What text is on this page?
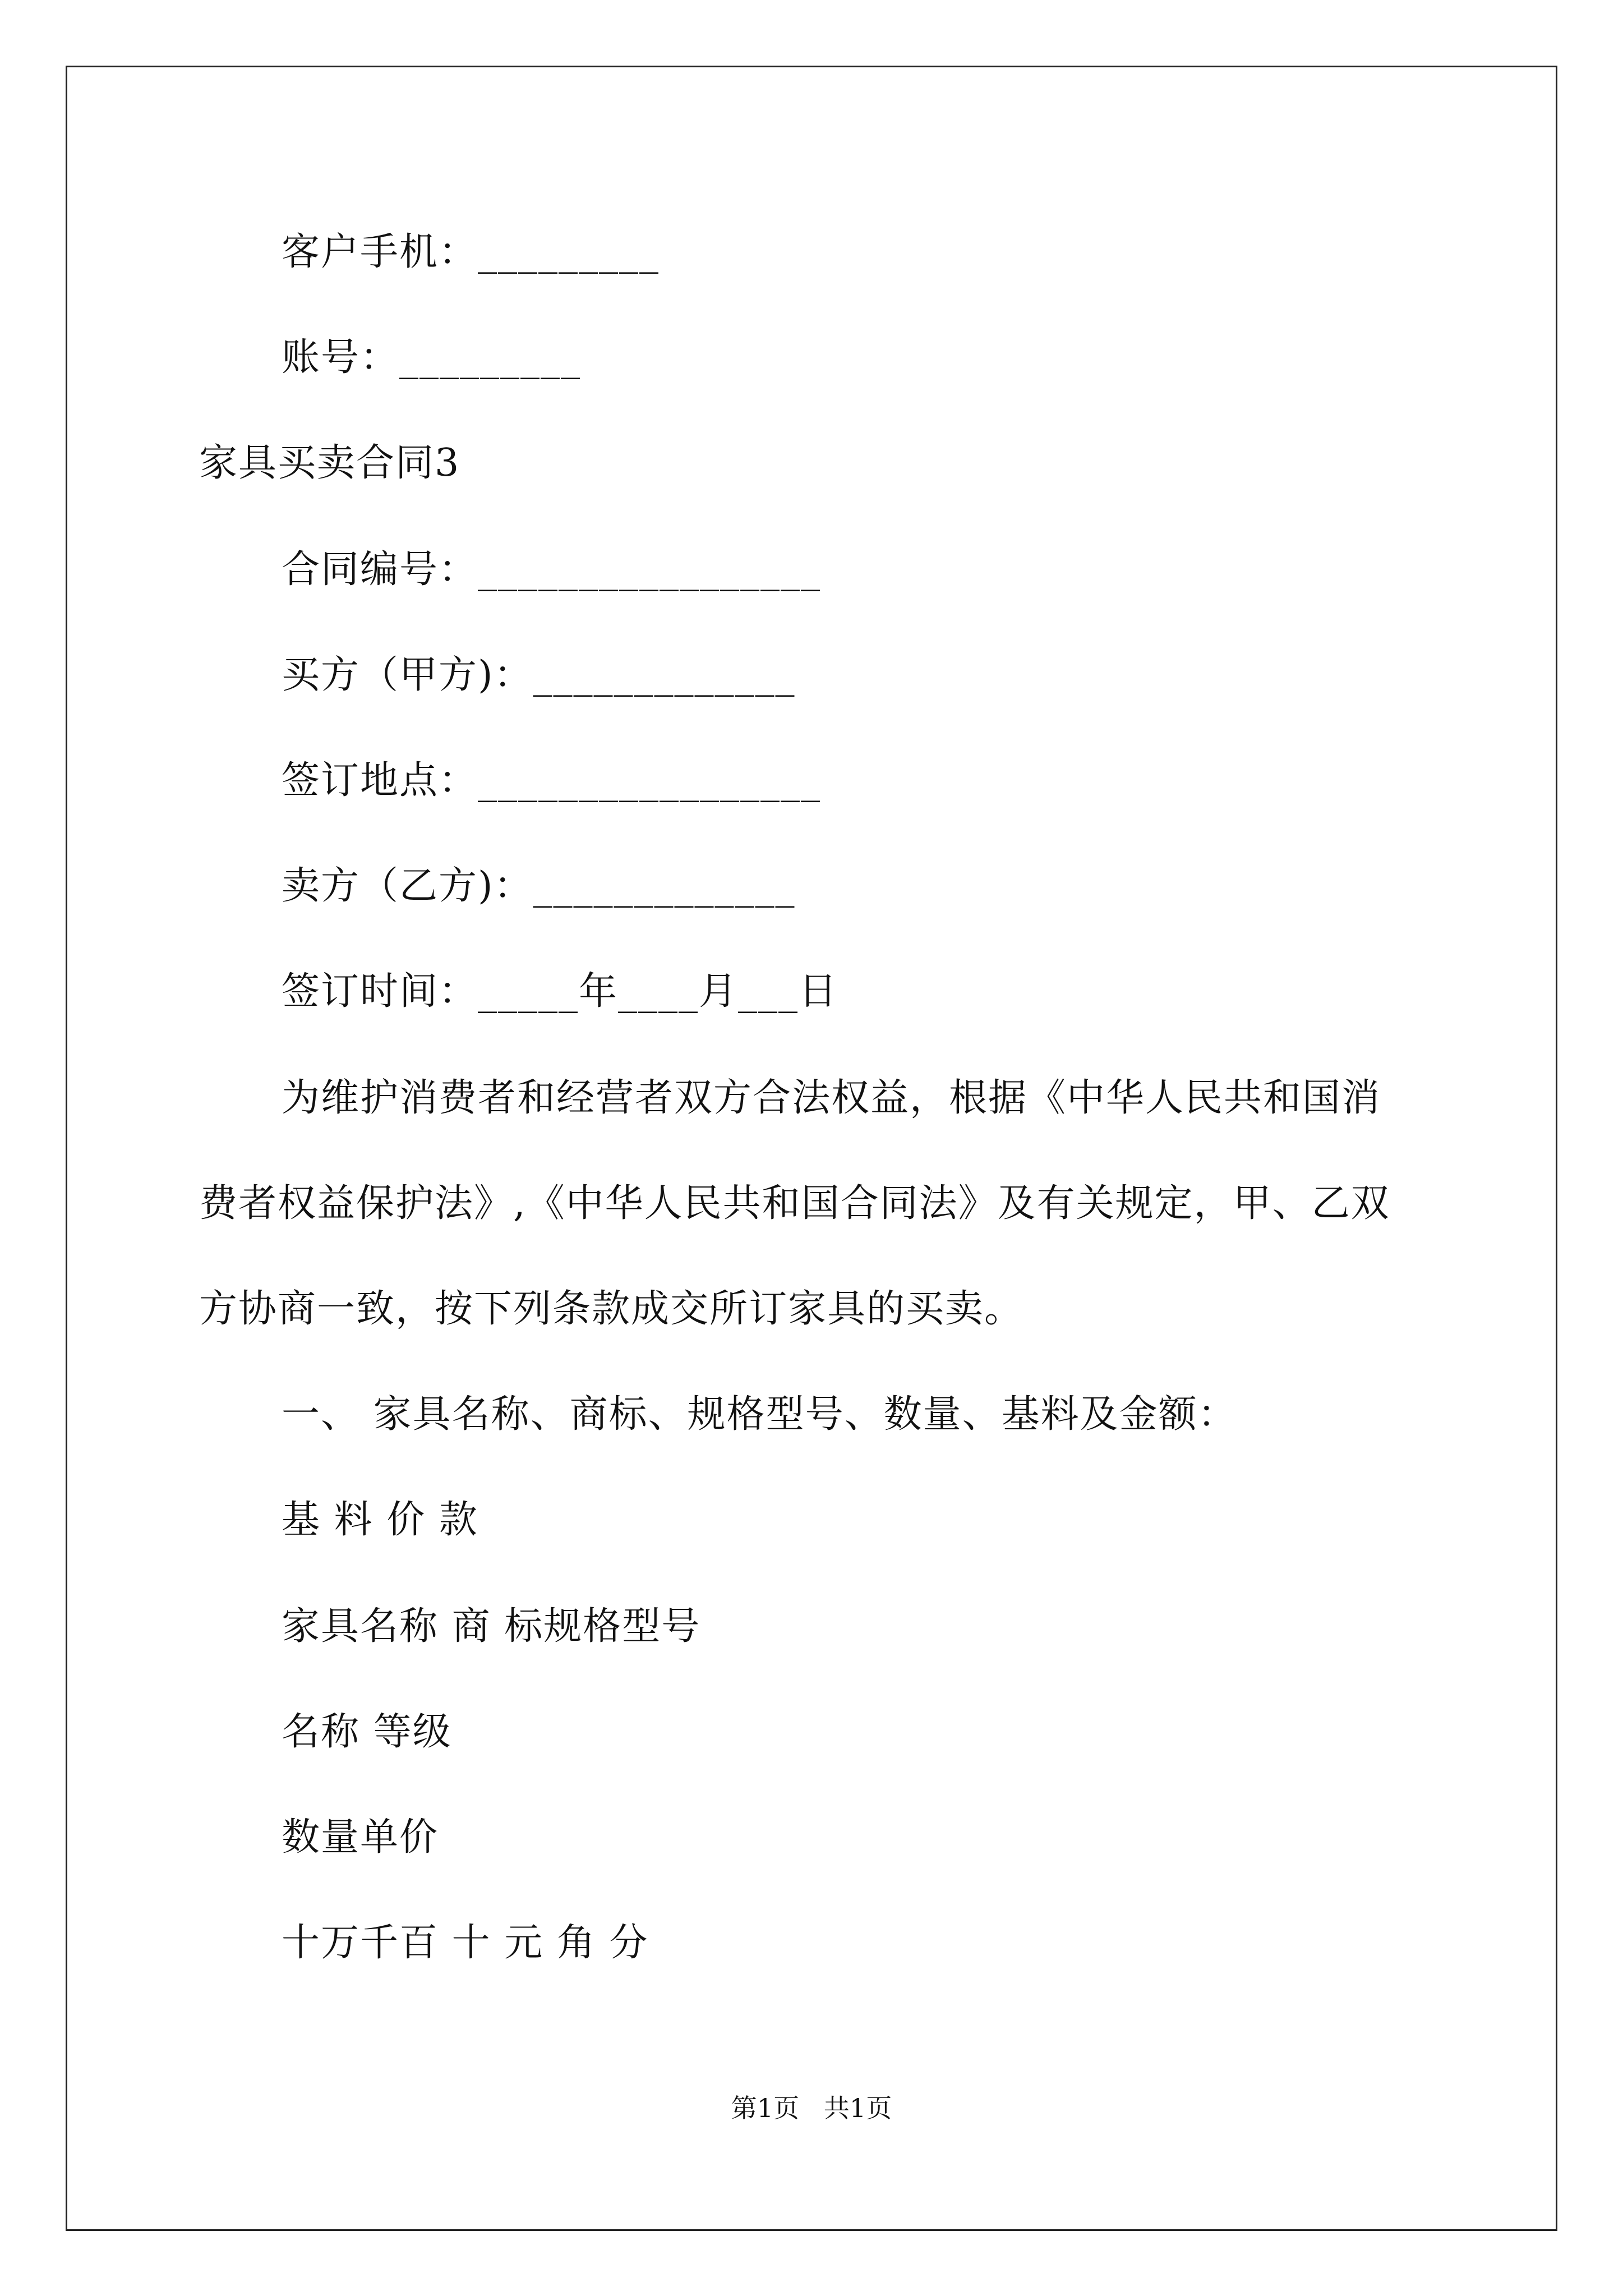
客户手机：_________
账号：_________
家具买卖合同3
合同编号：_________________
买方（甲方)：_____________
签订地点：_________________
卖方（乙方)：_____________
签订时间：_____年____月___日
为维护消费者和经营者双方合法权益，根据《中华人民共和国消
费者权益保护法》,《中华人民共和国合同法》及有关规定，甲、乙双
方协商一致，按下列条款成交所订家具的买卖。
一、 家具名称、商标、规格型号、数量、基料及金额：
基 料 价 款
家具名称 商 标规格型号
名称 等级
数量单价
十万千百 十 元 角 分
第1页   共1页
